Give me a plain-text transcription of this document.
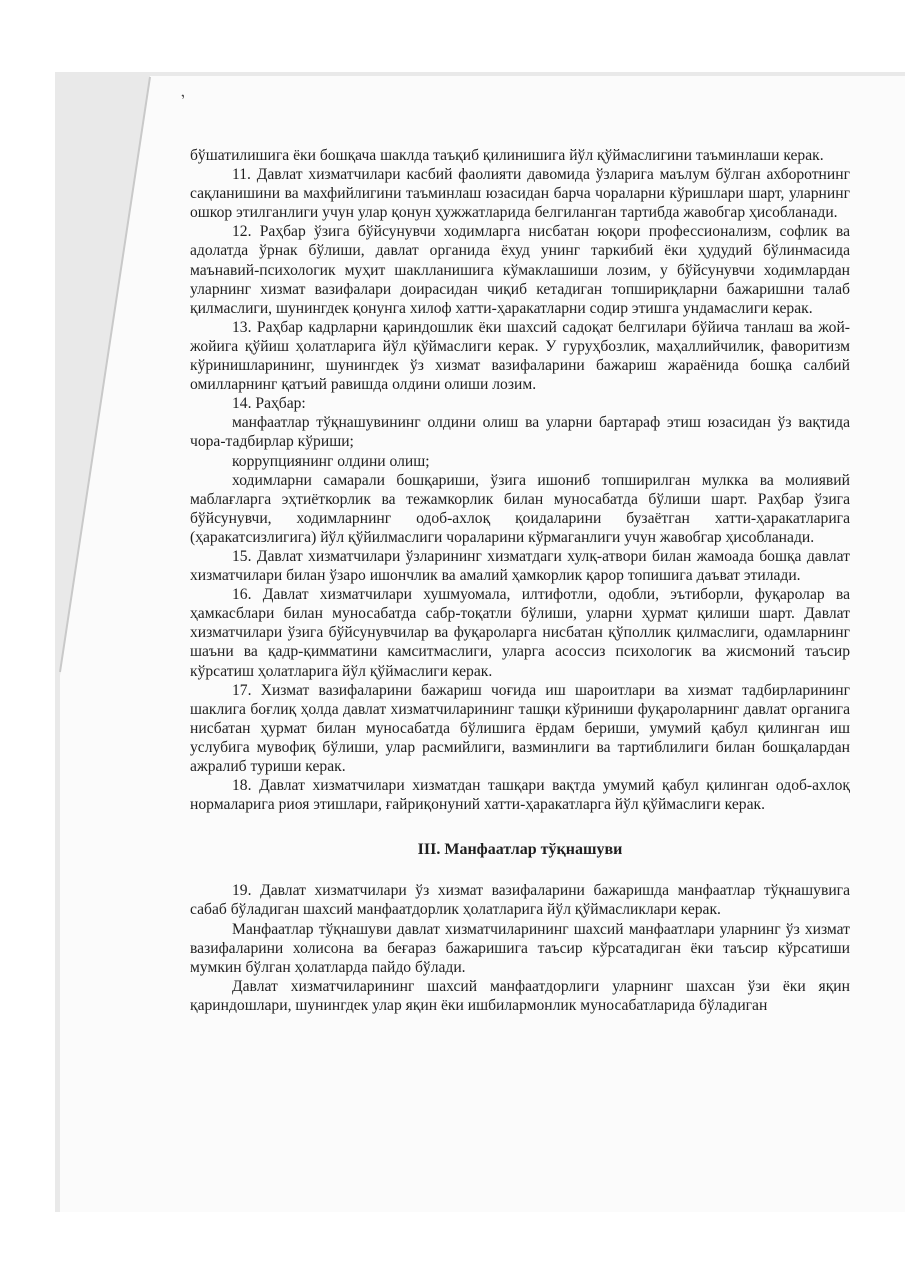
ʼ

бўшатилишига ёки бошқача шаклда таъқиб қилинишига йўл қўймаслигини таъминлаши керак.

11. Давлат хизматчилари касбий фаолияти давомида ўзларига маълум бўлган ахборотнинг сақланишини ва махфийлигини таъминлаш юзасидан барча чораларни кўришлари шарт, уларнинг ошкор этилганлиги учун улар қонун ҳужжатларида белгиланган тартибда жавобгар ҳисобланади.

12. Раҳбар ўзига бўйсунувчи ходимларга нисбатан юқори профессионализм, софлик ва адолатда ўрнак бўлиши, давлат органида ёхуд унинг таркибий ёки ҳудудий бўлинмасида маънавий-психологик муҳит шаклланишига кўмаклашиши лозим, у бўйсунувчи ходимлардан уларнинг хизмат вазифалари доирасидан чиқиб кетадиган топшириқларни бажаришни талаб қилмаслиги, шунингдек қонунга хилоф хатти-ҳаракатларни содир этишга ундамаслиги керак.

13. Раҳбар кадрларни қариндошлик ёки шахсий садоқат белгилари бўйича танлаш ва жой-жойига қўйиш ҳолатларига йўл қўймаслиги керак. У гуруҳбозлик, маҳаллийчилик, фаворитизм кўринишларининг, шунингдек ўз хизмат вазифаларини бажариш жараёнида бошқа салбий омилларнинг қатъий равишда олдини олиши лозим.

14. Раҳбар:

манфаатлар тўқнашувининг олдини олиш ва уларни бартараф этиш юзасидан ўз вақтида чора-тадбирлар кўриши;

коррупциянинг олдини олиш;

ходимларни самарали бошқариши, ўзига ишониб топширилган мулкка ва молиявий маблағларга эҳтиёткорлик ва тежамкорлик билан муносабатда бўлиши шарт. Раҳбар ўзига бўйсунувчи, ходимларнинг одоб-ахлоқ қоидаларини бузаётган хатти-ҳаракатларига (ҳаракатсизлигига) йўл қўйилмаслиги чораларини кўрмаганлиги учун жавобгар ҳисобланади.

15. Давлат хизматчилари ўзларининг хизматдаги хулқ-атвори билан жамоада бошқа давлат хизматчилари билан ўзаро ишончлик ва амалий ҳамкорлик қарор топишига даъват этилади.

16. Давлат хизматчилари хушмуомала, илтифотли, одобли, эътиборли, фуқаролар ва ҳамкасблари билан муносабатда сабр-тоқатли бўлиши, уларни ҳурмат қилиши шарт. Давлат хизматчилари ўзига бўйсунувчилар ва фуқароларга нисбатан қўполлик қилмаслиги, одамларнинг шаъни ва қадр-қимматини камситмаслиги, уларга асоссиз психологик ва жисмоний таъсир кўрсатиш ҳолатларига йўл қўймаслиги керак.

17. Хизмат вазифаларини бажариш чоғида иш шароитлари ва хизмат тадбирларининг шаклига боғлиқ ҳолда давлат хизматчиларининг ташқи кўриниши фуқароларнинг давлат органига нисбатан ҳурмат билан муносабатда бўлишига ёрдам бериши, умумий қабул қилинган иш услубига мувофиқ бўлиши, улар расмийлиги, вазминлиги ва тартиблилиги билан бошқалардан ажралиб туриши керак.

18. Давлат хизматчилари хизматдан ташқари вақтда умумий қабул қилинган одоб-ахлоқ нормаларига риоя этишлари, ғайриқонуний хатти-ҳаракатларга йўл қўймаслиги керак.

III. Манфаатлар тўқнашуви

19. Давлат хизматчилари ўз хизмат вазифаларини бажаришда манфаатлар тўқнашувига сабаб бўладиган шахсий манфаатдорлик ҳолатларига йўл қўймасликлари керак.

Манфаатлар тўқнашуви давлат хизматчиларининг шахсий манфаатлари уларнинг ўз хизмат вазифаларини холисона ва беғараз бажаришига таъсир кўрсатадиган ёки таъсир кўрсатиши мумкин бўлган ҳолатларда пайдо бўлади.

Давлат хизматчиларининг шахсий манфаатдорлиги уларнинг шахсан ўзи ёки яқин қариндошлари, шунингдек улар яқин ёки ишбилармонлик муносабатларида бўладиган
